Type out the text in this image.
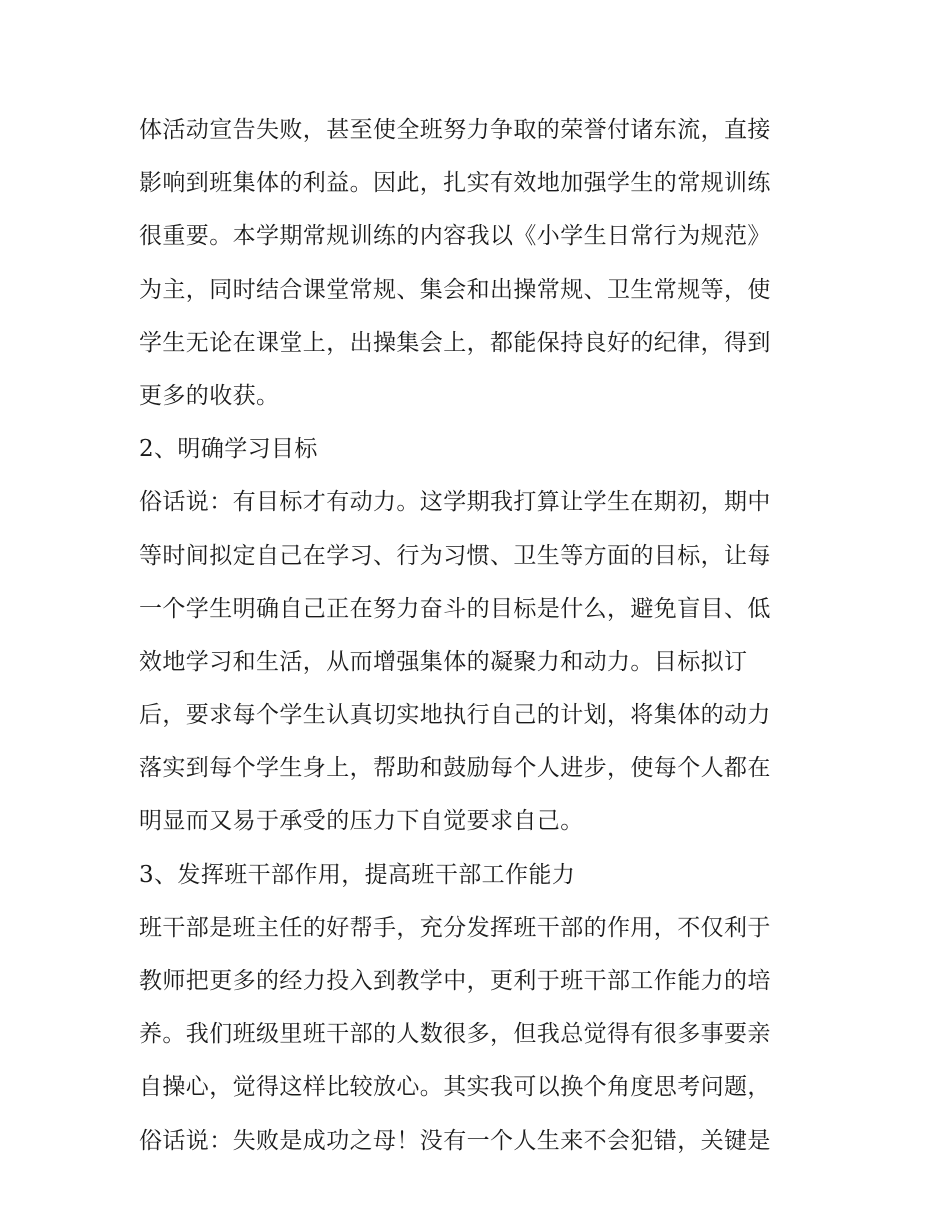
体活动宣告失败，甚至使全班努力争取的荣誉付诸东流，直接
影响到班集体的利益。因此，扎实有效地加强学生的常规训练
很重要。本学期常规训练的内容我以《小学生日常行为规范》
为主，同时结合课堂常规、集会和出操常规、卫生常规等，使
学生无论在课堂上，出操集会上，都能保持良好的纪律，得到
更多的收获。
2、明确学习目标
俗话说：有目标才有动力。这学期我打算让学生在期初，期中
等时间拟定自己在学习、行为习惯、卫生等方面的目标，让每
一个学生明确自己正在努力奋斗的目标是什么，避免盲目、低
效地学习和生活，从而增强集体的凝聚力和动力。目标拟订
后，要求每个学生认真切实地执行自己的计划，将集体的动力
落实到每个学生身上，帮助和鼓励每个人进步，使每个人都在
明显而又易于承受的压力下自觉要求自己。
3、发挥班干部作用，提高班干部工作能力
班干部是班主任的好帮手，充分发挥班干部的作用，不仅利于
教师把更多的经力投入到教学中，更利于班干部工作能力的培
养。我们班级里班干部的人数很多，但我总觉得有很多事要亲
自操心，觉得这样比较放心。其实我可以换个角度思考问题，
俗话说：失败是成功之母！没有一个人生来不会犯错，关键是
